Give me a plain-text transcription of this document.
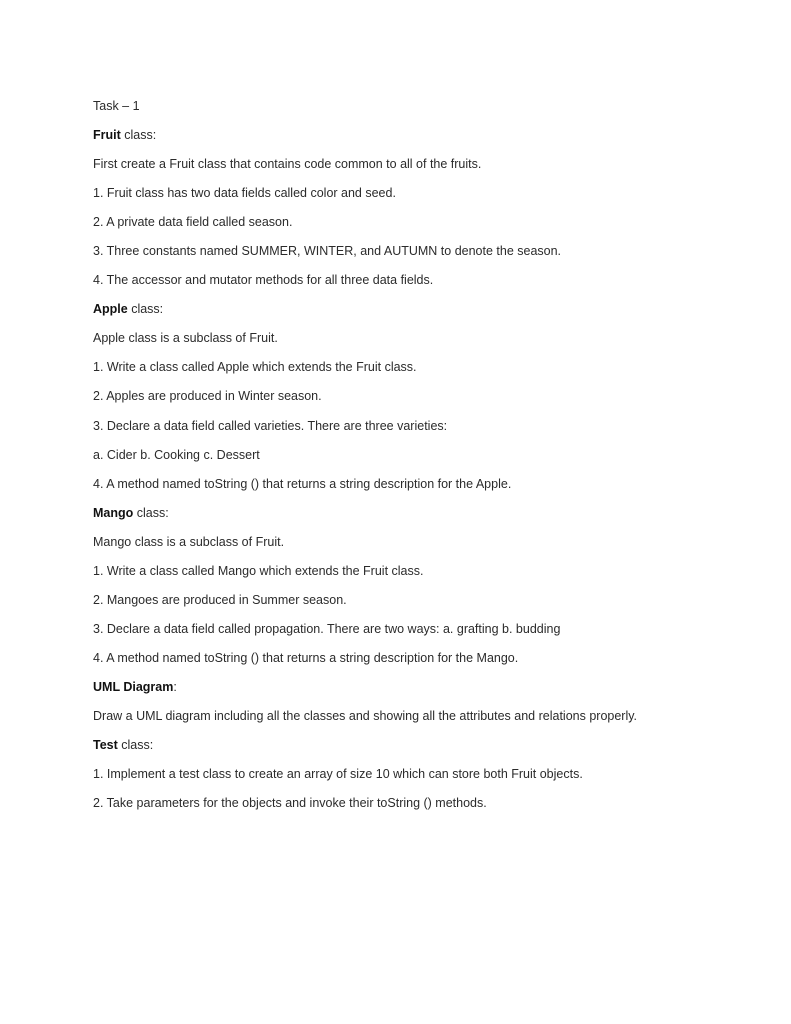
Task – 1
Fruit class:
First create a Fruit class that contains code common to all of the fruits.
1. Fruit class has two data fields called color and seed.
2. A private data field called season.
3. Three constants named SUMMER, WINTER, and AUTUMN to denote the season.
4. The accessor and mutator methods for all three data fields.
Apple class:
Apple class is a subclass of Fruit.
1. Write a class called Apple which extends the Fruit class.
2. Apples are produced in Winter season.
3. Declare a data field called varieties. There are three varieties:
a. Cider b. Cooking c. Dessert
4. A method named toString () that returns a string description for the Apple.
Mango class:
Mango class is a subclass of Fruit.
1. Write a class called Mango which extends the Fruit class.
2. Mangoes are produced in Summer season.
3. Declare a data field called propagation. There are two ways: a. grafting b. budding
4. A method named toString () that returns a string description for the Mango.
UML Diagram:
Draw a UML diagram including all the classes and showing all the attributes and relations properly.
Test class:
1. Implement a test class to create an array of size 10 which can store both Fruit objects.
2. Take parameters for the objects and invoke their toString () methods.
